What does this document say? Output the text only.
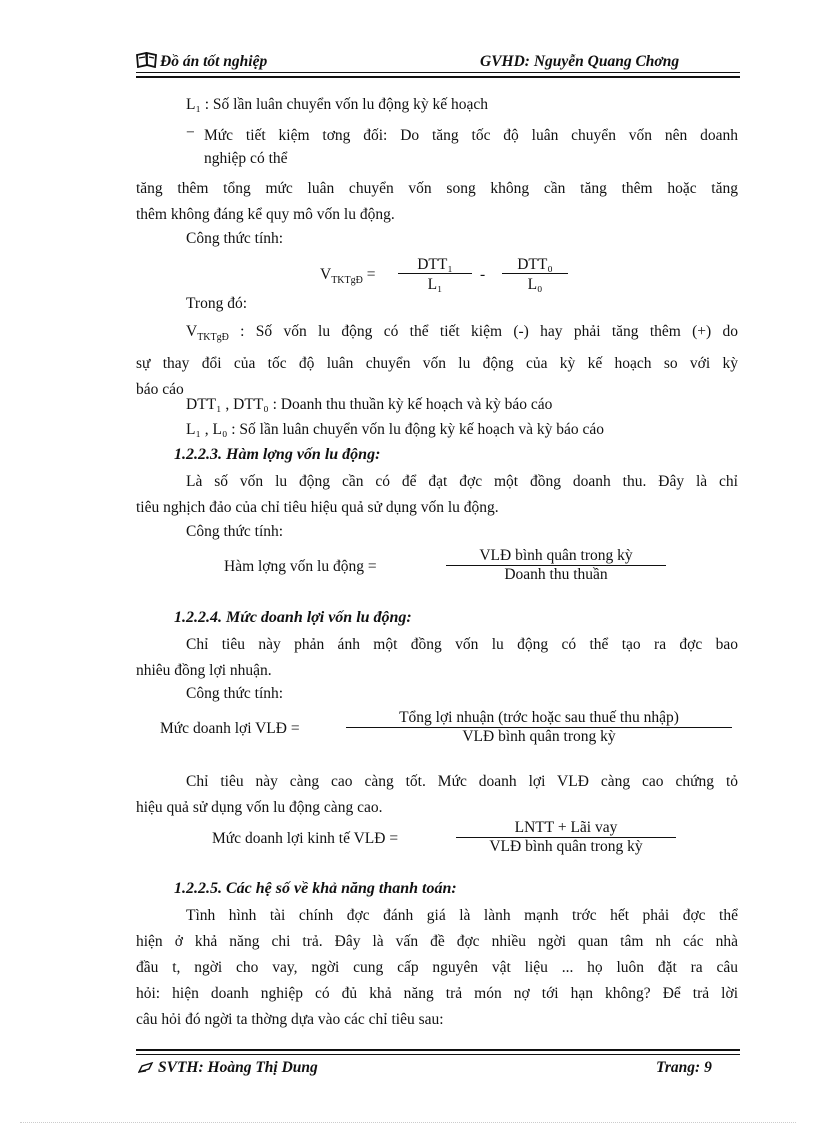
Đồ án tốt nghiệp	GVHD: Nguyễn Quang Chơng
L₁ : Số lần luân chuyển vốn lu động kỳ kế hoạch
− Mức tiết kiệm tơng đối: Do tăng tốc độ luân chuyển vốn nên doanh
nghiệp có thể
tăng thêm tổng mức luân chuyển vốn song không cần tăng thêm hoặc tăng
thêm không đáng kể quy mô vốn lu động.
Công thức tính:
$V_{TKTgĐ}$ =
DTT₁
L₁
-
DTT₀
L₀
Trong đó:
$V_{TKTgĐ}$ : Số vốn lu động có thể tiết kiệm (-) hay phải tăng thêm (+) do
sự thay đổi của tốc độ luân chuyển vốn lu động của kỳ kế hoạch so với kỳ
báo cáo
DTT₁ , DTT₀ : Doanh thu thuần kỳ kế hoạch và kỳ báo cáo
L₁ , L₀ : Số lần luân chuyển vốn lu động kỳ kế hoạch và kỳ báo cáo
1.2.2.3. Hàm lợng vốn lu động:
Là số vốn lu động cần có để đạt đợc một đồng doanh thu. Đây là chỉ
tiêu nghịch đảo của chỉ tiêu hiệu quả sử dụng vốn lu động.
Công thức tính:
Hàm lợng vốn lu động =
VLĐ bình quân trong kỳ
Doanh thu thuần
1.2.2.4. Mức doanh lợi vốn lu động:
Chỉ tiêu này phản ánh một đồng vốn lu động có thể tạo ra đợc bao
nhiêu đồng lợi nhuận.
Công thức tính:
Mức doanh lợi VLĐ =
Tổng lợi nhuận (trớc hoặc sau thuế thu nhập)
VLĐ bình quân trong kỳ
Chỉ tiêu này càng cao càng tốt. Mức doanh lợi VLĐ càng cao chứng tỏ
hiệu quả sử dụng vốn lu động càng cao.
Mức doanh lợi kinh tế VLĐ =
LNTT + Lãi vay
VLĐ bình quân trong kỳ
1.2.2.5. Các hệ số về khả năng thanh toán:
Tình hình tài chính đợc đánh giá là lành mạnh trớc hết phải đợc thể
hiện ở khả năng chi trả. Đây là vấn đề đợc nhiều ngời quan tâm nh các nhà
đầu t, ngời cho vay, ngời cung cấp nguyên vật liệu ... họ luôn đặt ra câu
hỏi: hiện doanh nghiệp có đủ khả năng trả món nợ tới hạn không? Để trả lời
câu hỏi đó ngời ta thờng dựa vào các chỉ tiêu sau:
SVTH: Hoàng Thị Dung	Trang: 9
